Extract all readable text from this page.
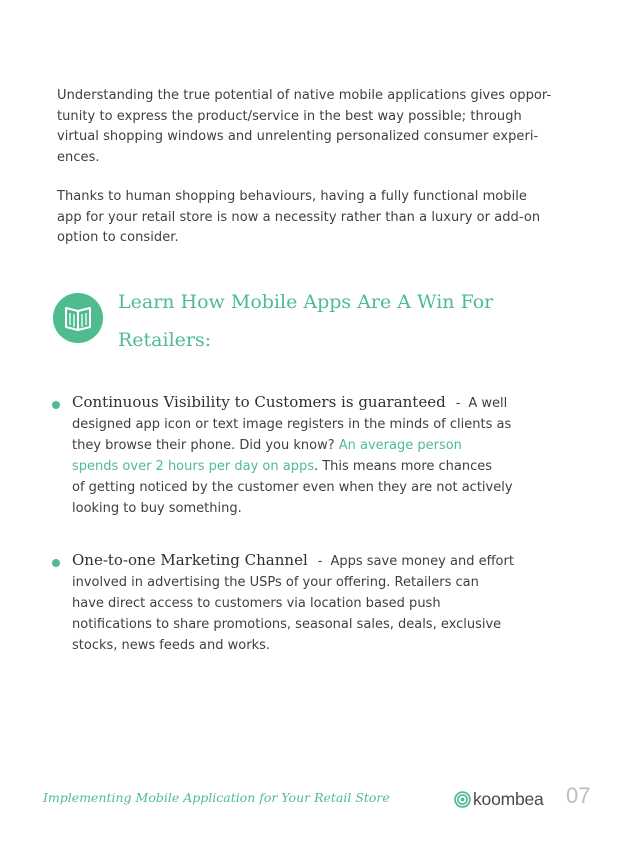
Understanding the true potential of native mobile applications gives oppor-
tunity to express the product/service in the best way possible; through
virtual shopping windows and unrelenting personalized consumer experi-
ences.

Thanks to human shopping behaviours, having a fully functional mobile
app for your retail store is now a necessity rather than a luxury or add-on
option to consider.

Learn How Mobile Apps Are A Win For
Retailers:
Continuous Visibility to Customers is guaranteed - A well
designed app icon or text image registers in the minds of clients as
they browse their phone. Did you know? An average person
spends over 2 hours per day on apps. This means more chances
of getting noticed by the customer even when they are not actively
looking to buy something.
One-to-one Marketing Channel - Apps save money and effort
involved in advertising the USPs of your offering. Retailers can
have direct access to customers via location based push
notifications to share promotions, seasonal sales, deals, exclusive
stocks, news feeds and works.

Implementing Mobile Application for Your Retail Store	koombea 07
